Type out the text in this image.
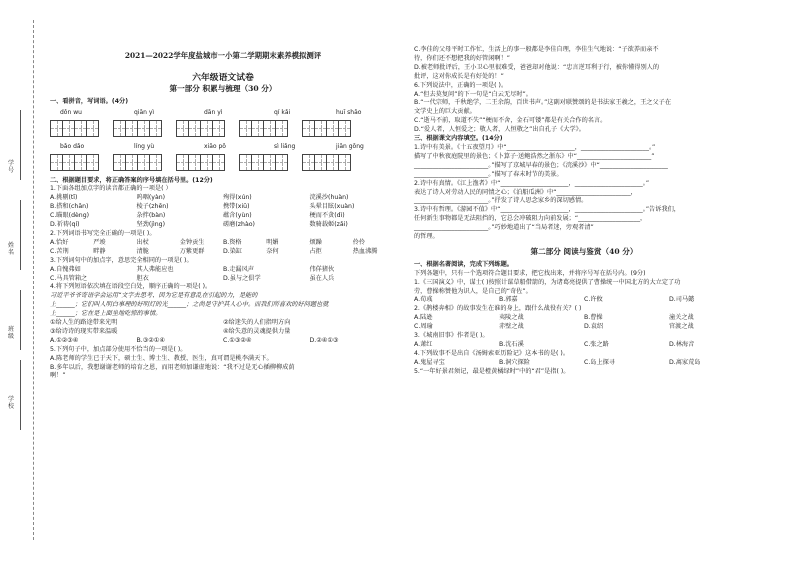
学号
姓名
班级
学校
2021—2022学年度盐城市一小第二学期期末素养模拟测评
六年级语文试卷
第一部分 积累与梳理（30 分）

一、看拼音，写词语。(4分)

dǒn wu	qiān yì	dān yì	qí kǎi	huī shāo
bǎo dǎo	líng yù	xiāo pō	sì liǎng	jiān gōng

二、根据题目要求，将正确答案的序号填在括号里。(12分)

1.下面各组加点字的读音都正确的一项是( ）

A.挑剔(tī)	呜咽(yàn)	殉得(xún)	浣溪沙(huàn)
B.搭和(chān)	棱子(zhēn)	携带(xiū)	头晕目眩(xuàn)
C.瞄眼(dèng)	杂拌(bàn)	蕴含(yùn)	梗而不贪(dì)
D.祈祷(qí)	坚劲(jìng)	磋磨(zhào)	数骑载姬(zǎi)

2.下列词语书写完全正确的一项是( )。

A.恰好	严竣	出杖	金钟贡生	B.资格	明媚	烦躁	伶伶
C.苦荆	畔静	清脆	万紫更群	D.染缸	奈何	占拒	热血沸腾

3.下列词句中的加点字，意思完全相同的一项是( )。

A.自愧弗如	其人弗能应也	B.走漏风声	伟佯猪伙
C.马具管箱之	胆衣	D.虽与之俱学	虽在人兵

4.将下列短语依次填在语段空白处，顺序正确的一项是( )。

习近平爷爷寄语学会运用“文字去思考、因为它是有意乱在引起的力，是能的

上______；它们叫人明白事理的好明灯的光______；之尚是守护其人心中。而我们所喜欢的好问题也就

上______；它在是上面坐地吃惊的事情。

①给人生的路途带来光明	②给迷失的人们指明方向
③给诗诗的现实带来温暖	④给失意的灵魂提供力量
A.①②③④	B.③②①④	C.①③②④	D.②④①③

5.下列句子中，加点部分使用不恰当的一项是( )。

A.陈老师的学生已于天下，硕士生、博士生、教授、医生，真可谓是桃李满天下。

B.多年以后，我想谢谢老师的培育之恩，而用老师加谦虚地说：“我不过是无心插柳柳成荫

啊！”

C.李佳的父母平时工作忙，生活上的事一般都是李佳自理，李佳生气地说：“子欲养而亲不

待，你们还不想把我的好管闲啊！”

D.被老师批评后，王小卫心里很难受，爸爸却对他说：“忠言逆耳利于行，被你懂得别人的

批评，这对你成长是有好处的！”

6.下列说法中，正确的一项是( )。

A.“但去莫复问”的下一句是“白云无尽时”。

B.“一代宗师，千秋绝学，二王余韵，百世书声。”这副对联赞颂的是书法家王羲之，王之父子在

文学史上的巨大贡献。

C.“逝马不前，取道不失”“梗而不舍，金石可镂”都是有关合作的名言。

D.“爱人者，人恒爱之；敬人者，人恒敬之”出自孔子《大学》。

三、根据课文内容填空。(14分)

1.诗中有美景。《十五夜望月》中“______________________，______________________。”

描写了中秋夜庭院里的景色；《卜算子·送鲍浩然之浙东》中“________________________”

________________________。”描写了京城早春的景色；《浣溪沙》中“______________________

________________________。”描写了春末时节的美景。

2.诗中有真情。《江上渔者》中“______________________，______________________。”

表达了诗人对劳动人民的同情之心；《泊船瓜洲》中“________________________，

________________________。”抒发了诗人思念家乡的深切感情。

3.诗中有哲理。《游园不值》中“______________________，______________________。”告诉我们，

任何新生事物都是无法阻挡的，它总会冲破阻力向前发展；“____________________，

________________________。”巧妙地道出了“当局者迷，旁观者清”

的哲理。

第二部分 阅读与鉴赏（40 分）

一、根据名著阅读，完成下列练题。

下列各题中，只有一个选项符合题目要求，把它找出来，并将序号写在括号内。(9分)

1.《三国演义》中，谋士( )按照计谋草船借箭的，为诸葛亮提供了曹操统一中国北方的大立定了功

劳，曹操称赞他为识人，是自己的“奇佐”。

A.荀彧	B.郭嘉	C.许攸	D.司马懿

2.《鹊楼奔相》的故事发生在谁的身上，跟什么战役有关？( )

A.陆逊	夷陵之战	B.曹操	潼关之战
C.周瑜	赤壁之战	D.袁绍	官渡之战

3.《城南旧事》作者是( )。

A.萧红	B.沈石溪	C.张之路	D.林海音

4.下列故事不是出自《汤姆索亚历险记》这本书的是( )。

A.鬼屋寻宝	B.洞穴探险	C.岛上探寻	D.离家荒岛

5.“一年好景君须记，最是橙黄橘绿时”中的“君”是指( )。
